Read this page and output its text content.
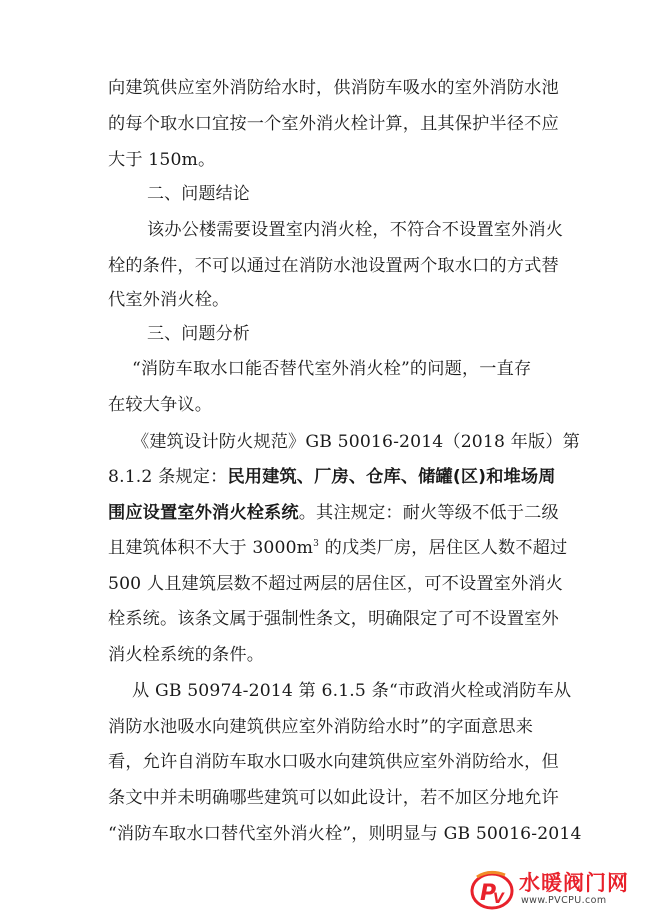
向建筑供应室外消防给水时，供消防车吸水的室外消防水池
的每个取水口宜按一个室外消火栓计算，且其保护半径不应
大于 150m。
二、问题结论
该办公楼需要设置室内消火栓，不符合不设置室外消火
栓的条件，不可以通过在消防水池设置两个取水口的方式替
代室外消火栓。
三、问题分析
“消防车取水口能否替代室外消火栓”的问题，一直存
在较大争议。
《建筑设计防火规范》GB 50016-2014（2018 年版）第
8.1.2 条规定：民用建筑、厂房、仓库、储罐(区)和堆场周
围应设置室外消火栓系统。其注规定：耐火等级不低于二级
且建筑体积不大于 $3000m^3$ 的戊类厂房，居住区人数不超过
500 人且建筑层数不超过两层的居住区，可不设置室外消火
栓系统。该条文属于强制性条文，明确限定了可不设置室外
消火栓系统的条件。
从 GB 50974-2014 第 6.1.5 条“市政消火栓或消防车从
消防水池吸水向建筑供应室外消防给水时”的字面意思来
看，允许自消防车取水口吸水向建筑供应室外消防给水，但
条文中并未明确哪些建筑可以如此设计，若不加区分地允许
“消防车取水口替代室外消火栓”，则明显与 GB 50016-2014
P
V
水暖阀门网
www.PVCPU.com
